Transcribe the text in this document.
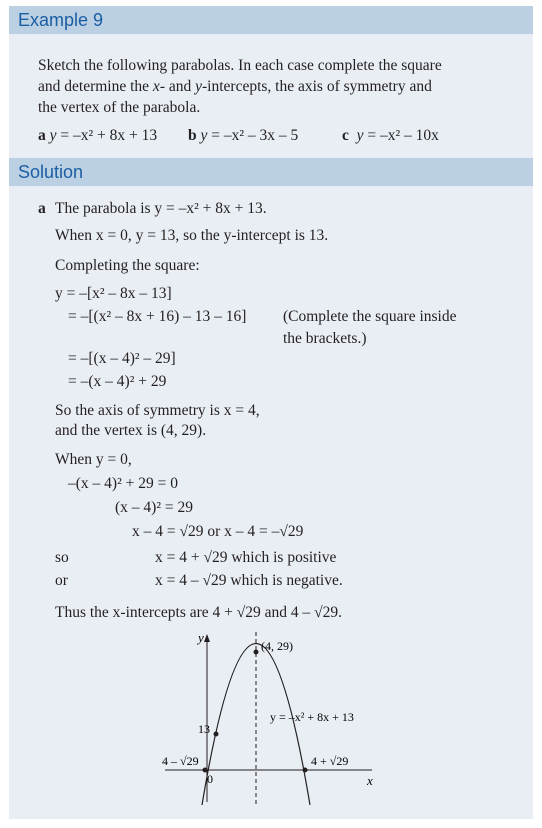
Example 9
Sketch the following parabolas. In each case complete the square
and determine the x- and y-intercepts, the axis of symmetry and
the vertex of the parabola.
a y = –x² + 8x + 13 b y = –x² – 3x – 5	c y = –x² – 10x
Solution
a The parabola is y = –x² + 8x + 13.
When x = 0, y = 13, so the y-intercept is 13.
Completing the square:
y = –[x² – 8x – 13]
= –[(x² – 8x + 16) – 13 – 16] (Complete the square inside
the brackets.)
= –[(x – 4)² – 29]
= –(x – 4)² + 29
So the axis of symmetry is x = 4,
and the vertex is (4, 29).
When y = 0,
–(x – 4)² + 29 = 0
(x – 4)² = 29
x – 4 = √29 or x – 4 = –√29
so	x = 4 + √29 which is positive
or	x = 4 – √29 which is negative.
Thus the x-intercepts are 4 + √29 and 4 – √29.
y
x
0
(4, 29)
13
y = –x² + 8x + 13
4 – √29	4 + √29
